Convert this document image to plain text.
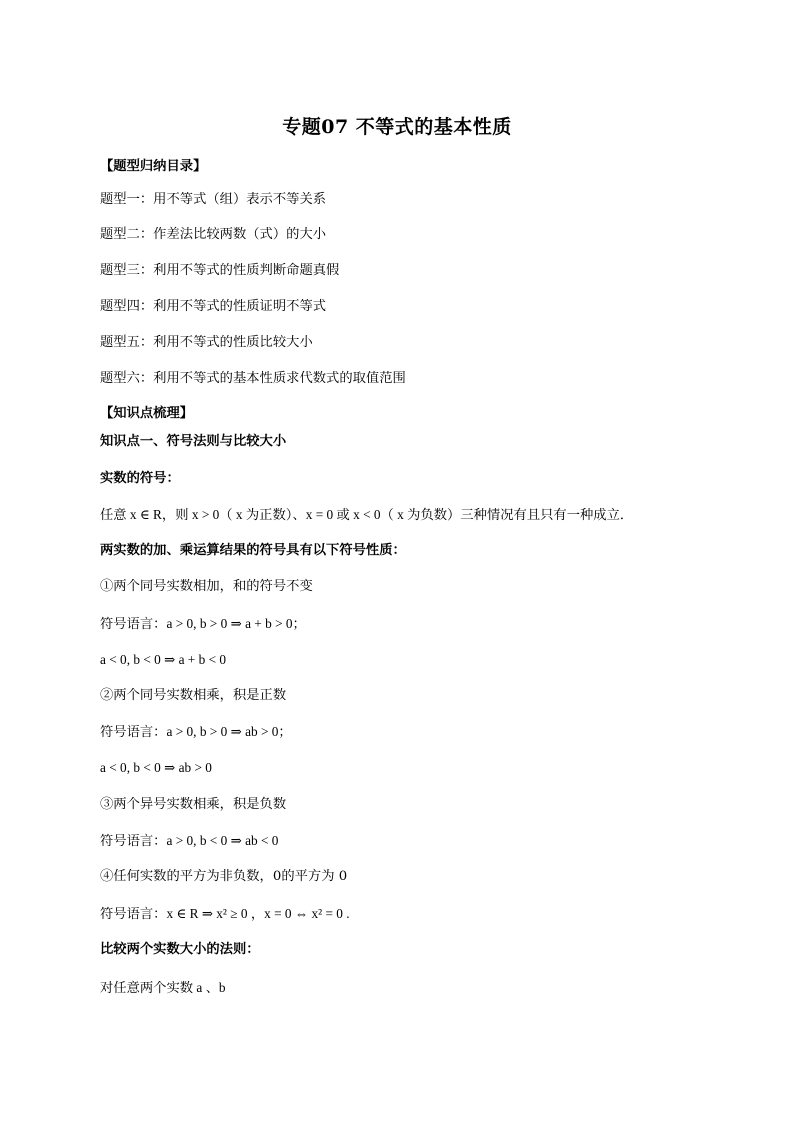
专题07 不等式的基本性质
【题型归纳目录】
题型一：用不等式（组）表示不等关系
题型二：作差法比较两数（式）的大小
题型三：利用不等式的性质判断命题真假
题型四：利用不等式的性质证明不等式
题型五：利用不等式的性质比较大小
题型六：利用不等式的基本性质求代数式的取值范围
【知识点梳理】
知识点一、符号法则与比较大小
实数的符号：
任意 x ∈ R，则 x > 0（ x 为正数）、x = 0 或 x < 0（ x 为负数）三种情况有且只有一种成立．
两实数的加、乘运算结果的符号具有以下符号性质：
①两个同号实数相加，和的符号不变
符号语言：a > 0, b > 0 ⇒ a + b > 0；
a < 0, b < 0 ⇒ a + b < 0
②两个同号实数相乘，积是正数
符号语言：a > 0, b > 0 ⇒ ab > 0；
a < 0, b < 0 ⇒ ab > 0
③两个异号实数相乘，积是负数
符号语言：a > 0, b < 0 ⇒ ab < 0
④任何实数的平方为非负数，0的平方为 0
符号语言：x ∈ R ⇒ x² ≥ 0 ，x = 0 ⇔ x² = 0 .
比较两个实数大小的法则：
对任意两个实数 a 、b
